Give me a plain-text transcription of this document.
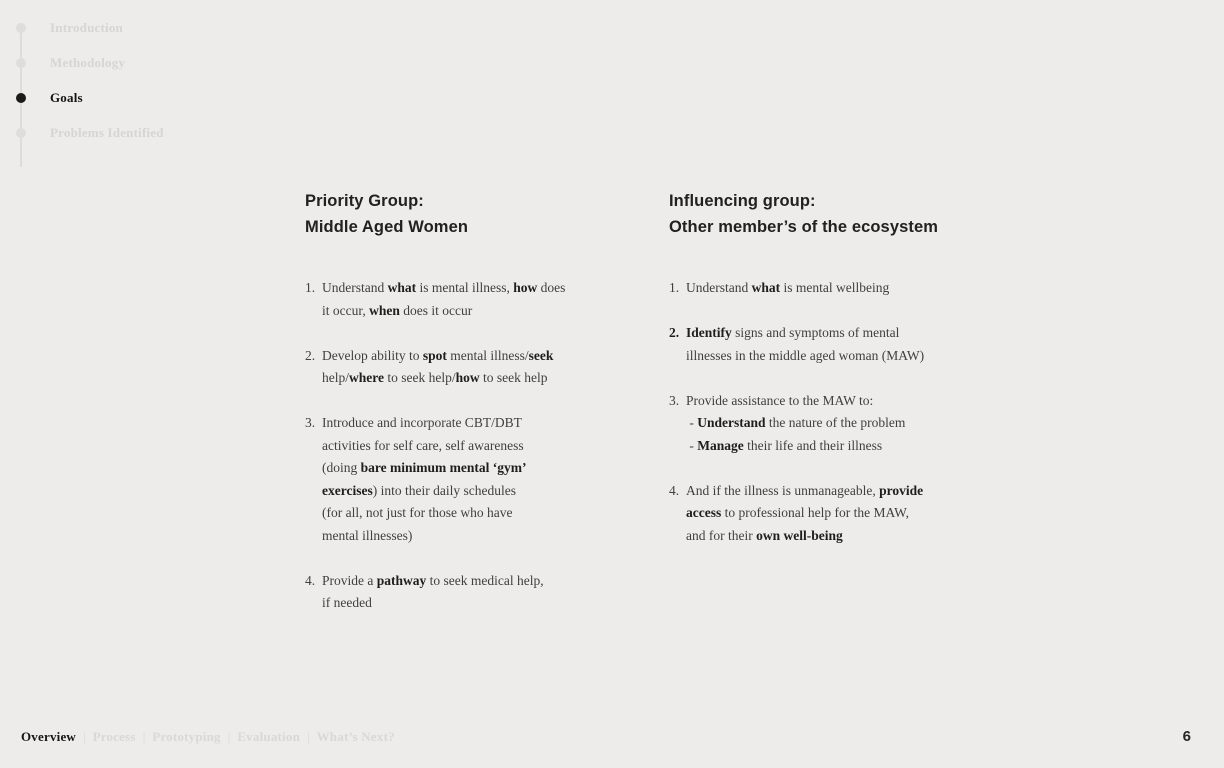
Introduction
Methodology
Goals
Problems Identified
Priority Group:
Middle Aged Women
1. Understand what is mental illness, how does
it occur, when does it occur
2. Develop ability to spot mental illness/seek
help/where to seek help/how to seek help
3. Introduce and incorporate CBT/DBT
activities for self care, self awareness
(doing bare minimum mental ‘gym’
exercises) into their daily schedules
(for all, not just for those who have
mental illnesses)
4. Provide a pathway to seek medical help,
if needed
Influencing group:
Other member’s of the ecosystem
1. Understand what is mental wellbeing
2. Identify signs and symptoms of mental
illnesses in the middle aged woman (MAW)
3. Provide assistance to the MAW to:
- Understand the nature of the problem
- Manage their life and their illness
4. And if the illness is unmanageable, provide
access to professional help for the MAW,
and for their own well-being
Overview | Process | Prototyping | Evaluation | What’s Next?	6
